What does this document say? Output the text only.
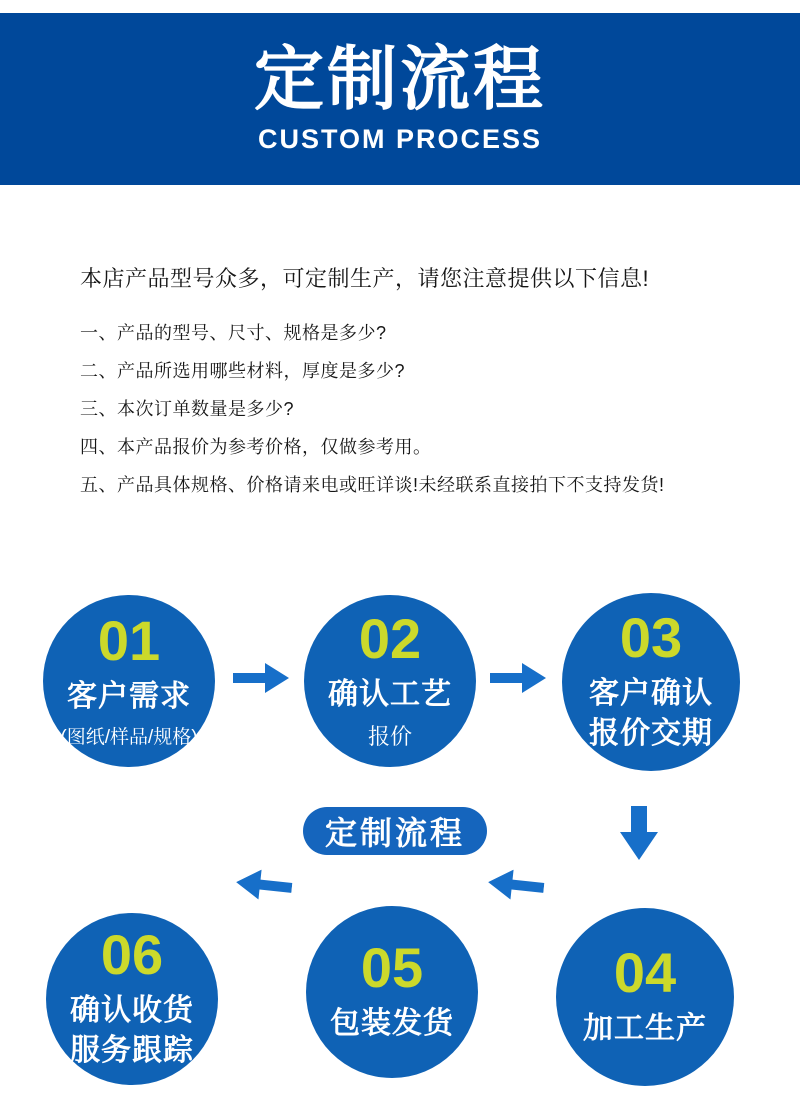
定制流程
CUSTOM PROCESS
本店产品型号众多，可定制生产，请您注意提供以下信息!
一、产品的型号、尺寸、规格是多少?
二、产品所选用哪些材料，厚度是多少?
三、本次订单数量是多少?
四、本产品报价为参考价格，仅做参考用。
五、产品具体规格、价格请来电或旺详谈!未经联系直接拍下不支持发货!
01
客户需求
(图纸/样品/规格)
02
确认工艺
报价
03
客户确认
报价交期
定制流程
06
确认收货
服务跟踪
05
包装发货
04
加工生产
